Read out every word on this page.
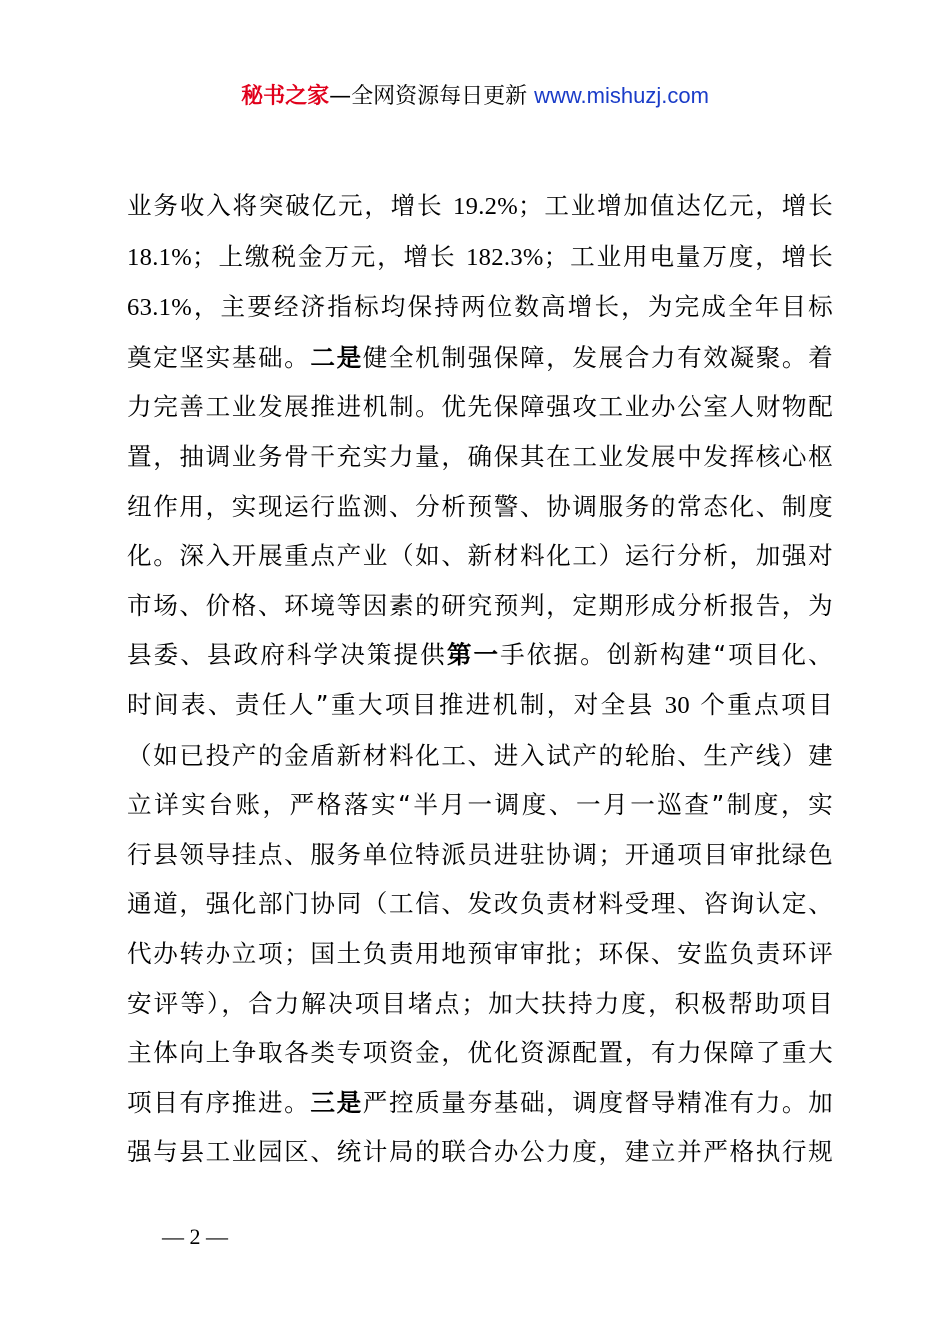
秘书之家—全网资源每日更新 www.mishuzj.com
业务收入将突破亿元，增长 19.2%；工业增加值达亿元，增长
18.1%；上缴税金万元，增长 182.3%；工业用电量万度，增长
63.1%，主要经济指标均保持两位数高增长，为完成全年目标
奠定坚实基础。二是健全机制强保障，发展合力有效凝聚。着
力完善工业发展推进机制。优先保障强攻工业办公室人财物配
置，抽调业务骨干充实力量，确保其在工业发展中发挥核心枢
纽作用，实现运行监测、分析预警、协调服务的常态化、制度
化。深入开展重点产业（如、新材料化工）运行分析，加强对
市场、价格、环境等因素的研究预判，定期形成分析报告，为
县委、县政府科学决策提供第一手依据。创新构建“项目化、
时间表、责任人”重大项目推进机制，对全县 30 个重点项目
（如已投产的金盾新材料化工、进入试产的轮胎、生产线）建
立详实台账，严格落实“半月一调度、一月一巡查”制度，实
行县领导挂点、服务单位特派员进驻协调；开通项目审批绿色
通道，强化部门协同（工信、发改负责材料受理、咨询认定、
代办转办立项；国土负责用地预审审批；环保、安监负责环评
安评等），合力解决项目堵点；加大扶持力度，积极帮助项目
主体向上争取各类专项资金，优化资源配置，有力保障了重大
项目有序推进。三是严控质量夯基础，调度督导精准有力。加
强与县工业园区、统计局的联合办公力度，建立并严格执行规
— 2 —
